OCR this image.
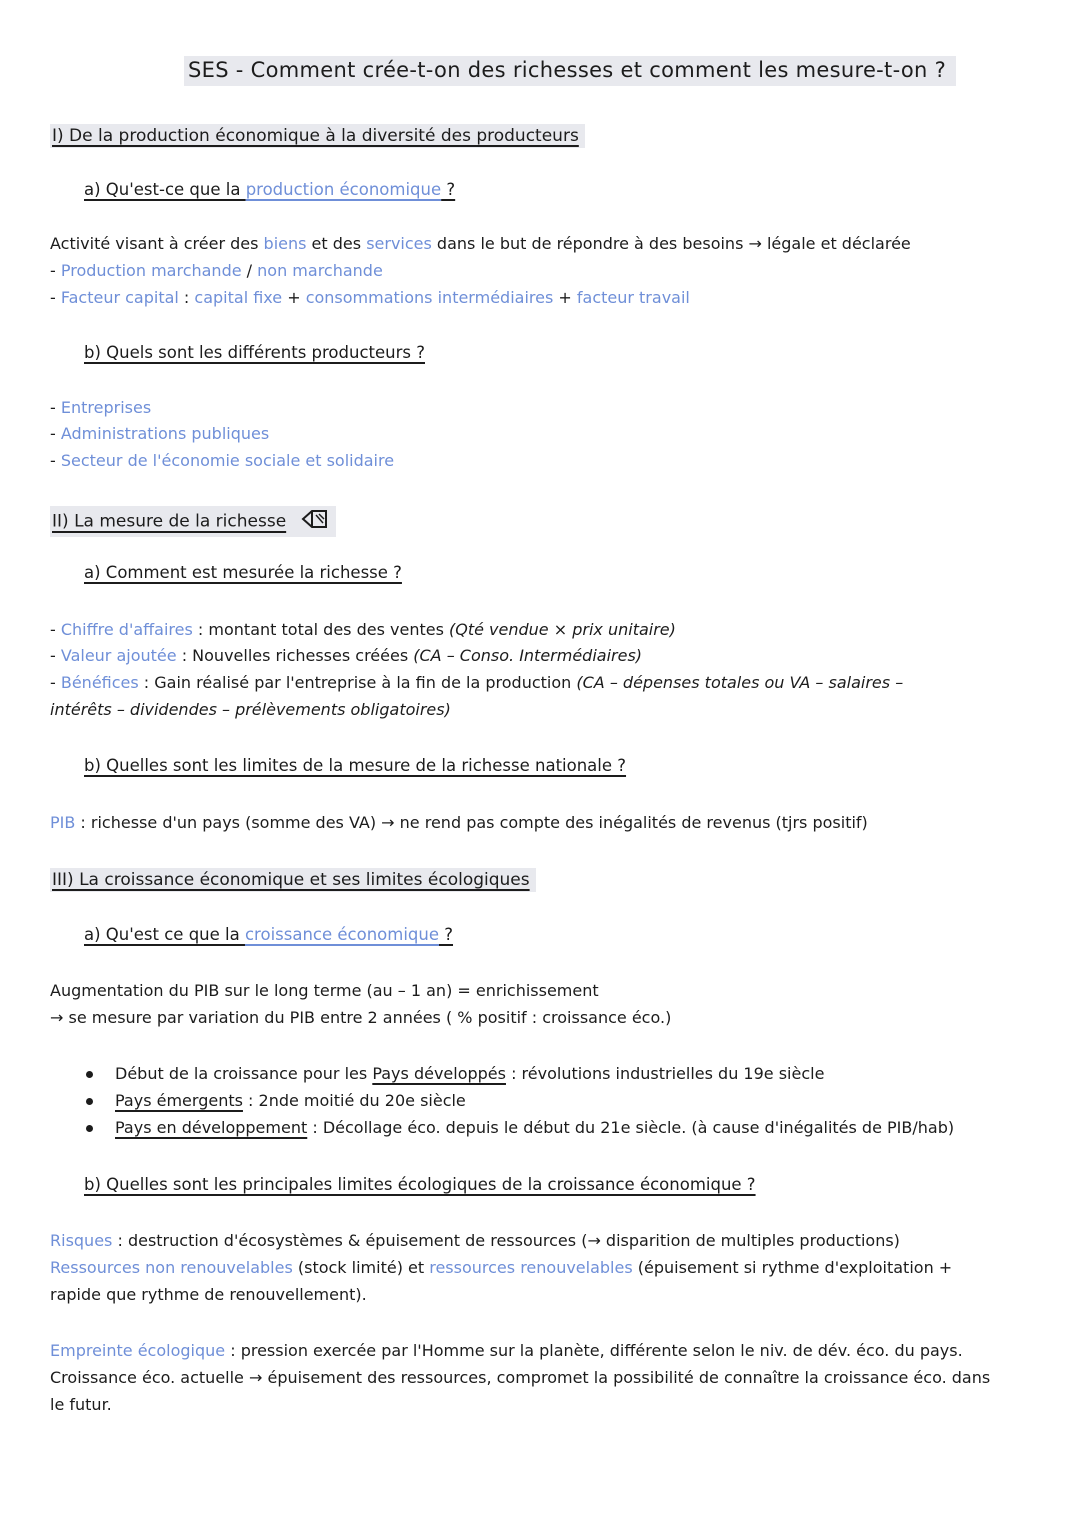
SES - Comment crée-t-on des richesses et comment les mesure-t-on ?
I) De la production économique à la diversité des producteurs
a) Qu'est-ce que la production économique ?
Activité visant à créer des biens et des services dans le but de répondre à des besoins → légale et déclarée
- Production marchande / non marchande
- Facteur capital : capital fixe + consommations intermédiaires + facteur travail
b) Quels sont les différents producteurs ?
- Entreprises
- Administrations publiques
- Secteur de l'économie sociale et solidaire
II) La mesure de la richesse
a) Comment est mesurée la richesse ?
- Chiffre d'affaires : montant total des des ventes (Qté vendue × prix unitaire)
- Valeur ajoutée : Nouvelles richesses créées (CA – Conso. Intermédiaires)
- Bénéfices : Gain réalisé par l'entreprise à la fin de la production (CA – dépenses totales ou VA – salaires –
intérêts – dividendes – prélèvements obligatoires)
b) Quelles sont les limites de la mesure de la richesse nationale ?
PIB : richesse d'un pays (somme des VA) → ne rend pas compte des inégalités de revenus (tjrs positif)
III) La croissance économique et ses limites écologiques
a) Qu'est ce que la croissance économique ?
Augmentation du PIB sur le long terme (au – 1 an) = enrichissement
→ se mesure par variation du PIB entre 2 années ( % positif : croissance éco.)
Début de la croissance pour les Pays développés : révolutions industrielles du 19e siècle
Pays émergents : 2nde moitié du 20e siècle
Pays en développement : Décollage éco. depuis le début du 21e siècle. (à cause d'inégalités de PIB/hab)
b) Quelles sont les principales limites écologiques de la croissance économique ?
Risques : destruction d'écosystèmes & épuisement de ressources (→ disparition de multiples productions)
Ressources non renouvelables (stock limité) et ressources renouvelables (épuisement si rythme d'exploitation +
rapide que rythme de renouvellement).
Empreinte écologique : pression exercée par l'Homme sur la planète, différente selon le niv. de dév. éco. du pays.
Croissance éco. actuelle → épuisement des ressources, compromet la possibilité de connaître la croissance éco. dans
le futur.
